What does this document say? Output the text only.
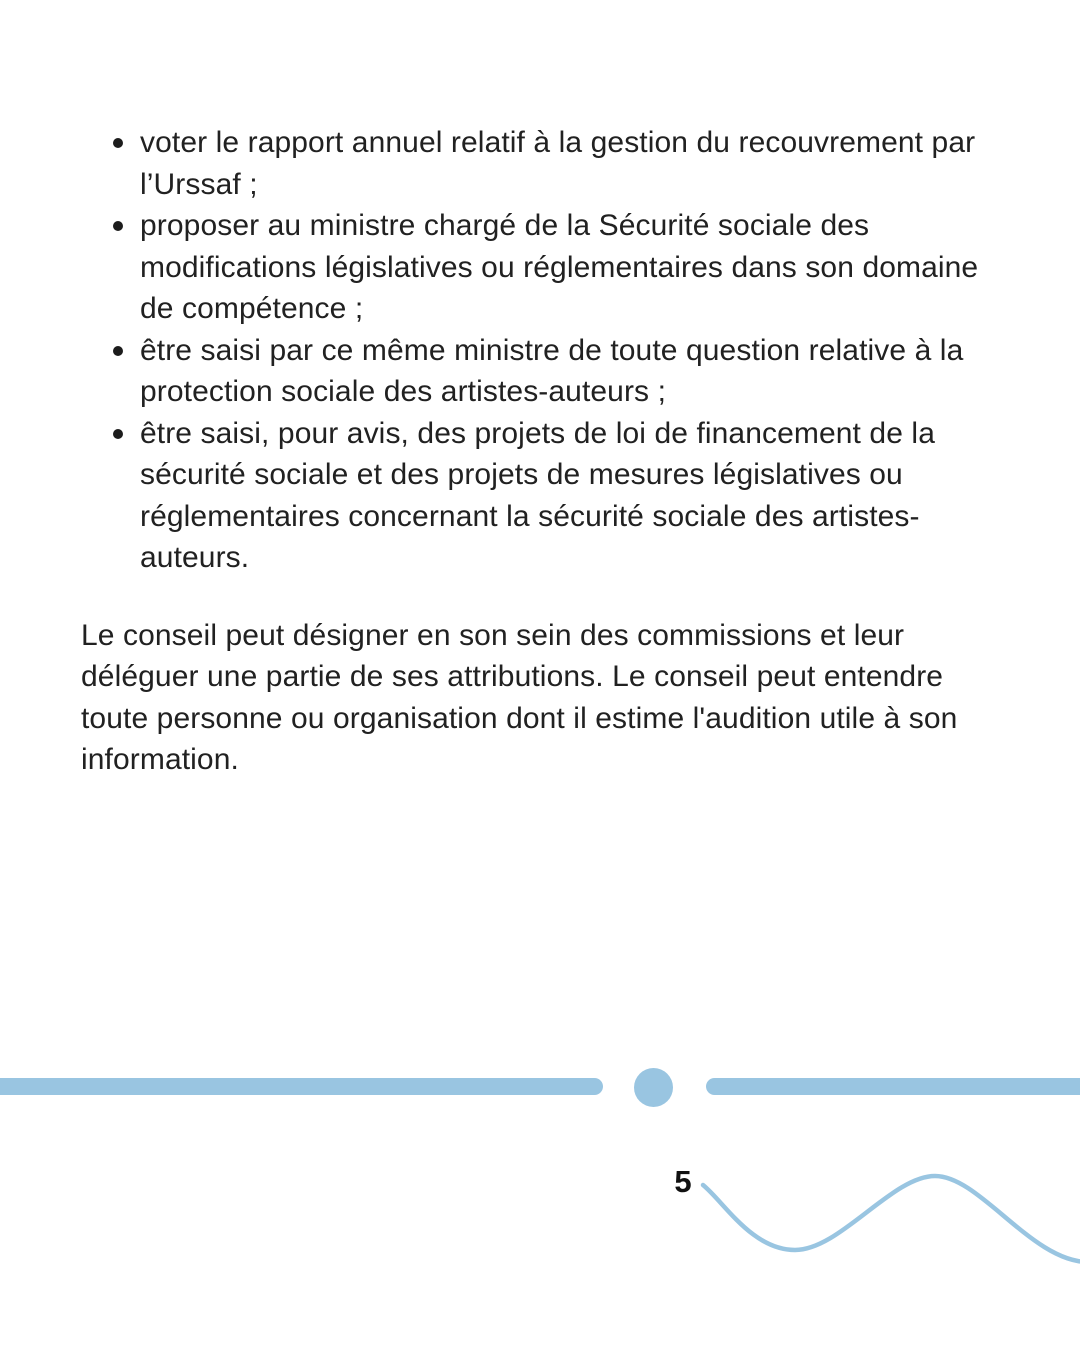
voter le rapport annuel relatif à la gestion du recouvrement par l’Urssaf ;
proposer au ministre chargé de la Sécurité sociale des modifications législatives ou réglementaires dans son domaine de compétence ;
être saisi par ce même ministre de toute question relative à la protection sociale des artistes-auteurs ;
être saisi, pour avis, des projets de loi de financement de la sécurité sociale et des projets de mesures législatives ou réglementaires concernant la sécurité sociale des artistes-auteurs.

Le conseil peut désigner en son sein des commissions et leur déléguer une partie de ses attributions. Le conseil peut entendre toute personne ou organisation dont il estime l'audition utile à son information.

5
